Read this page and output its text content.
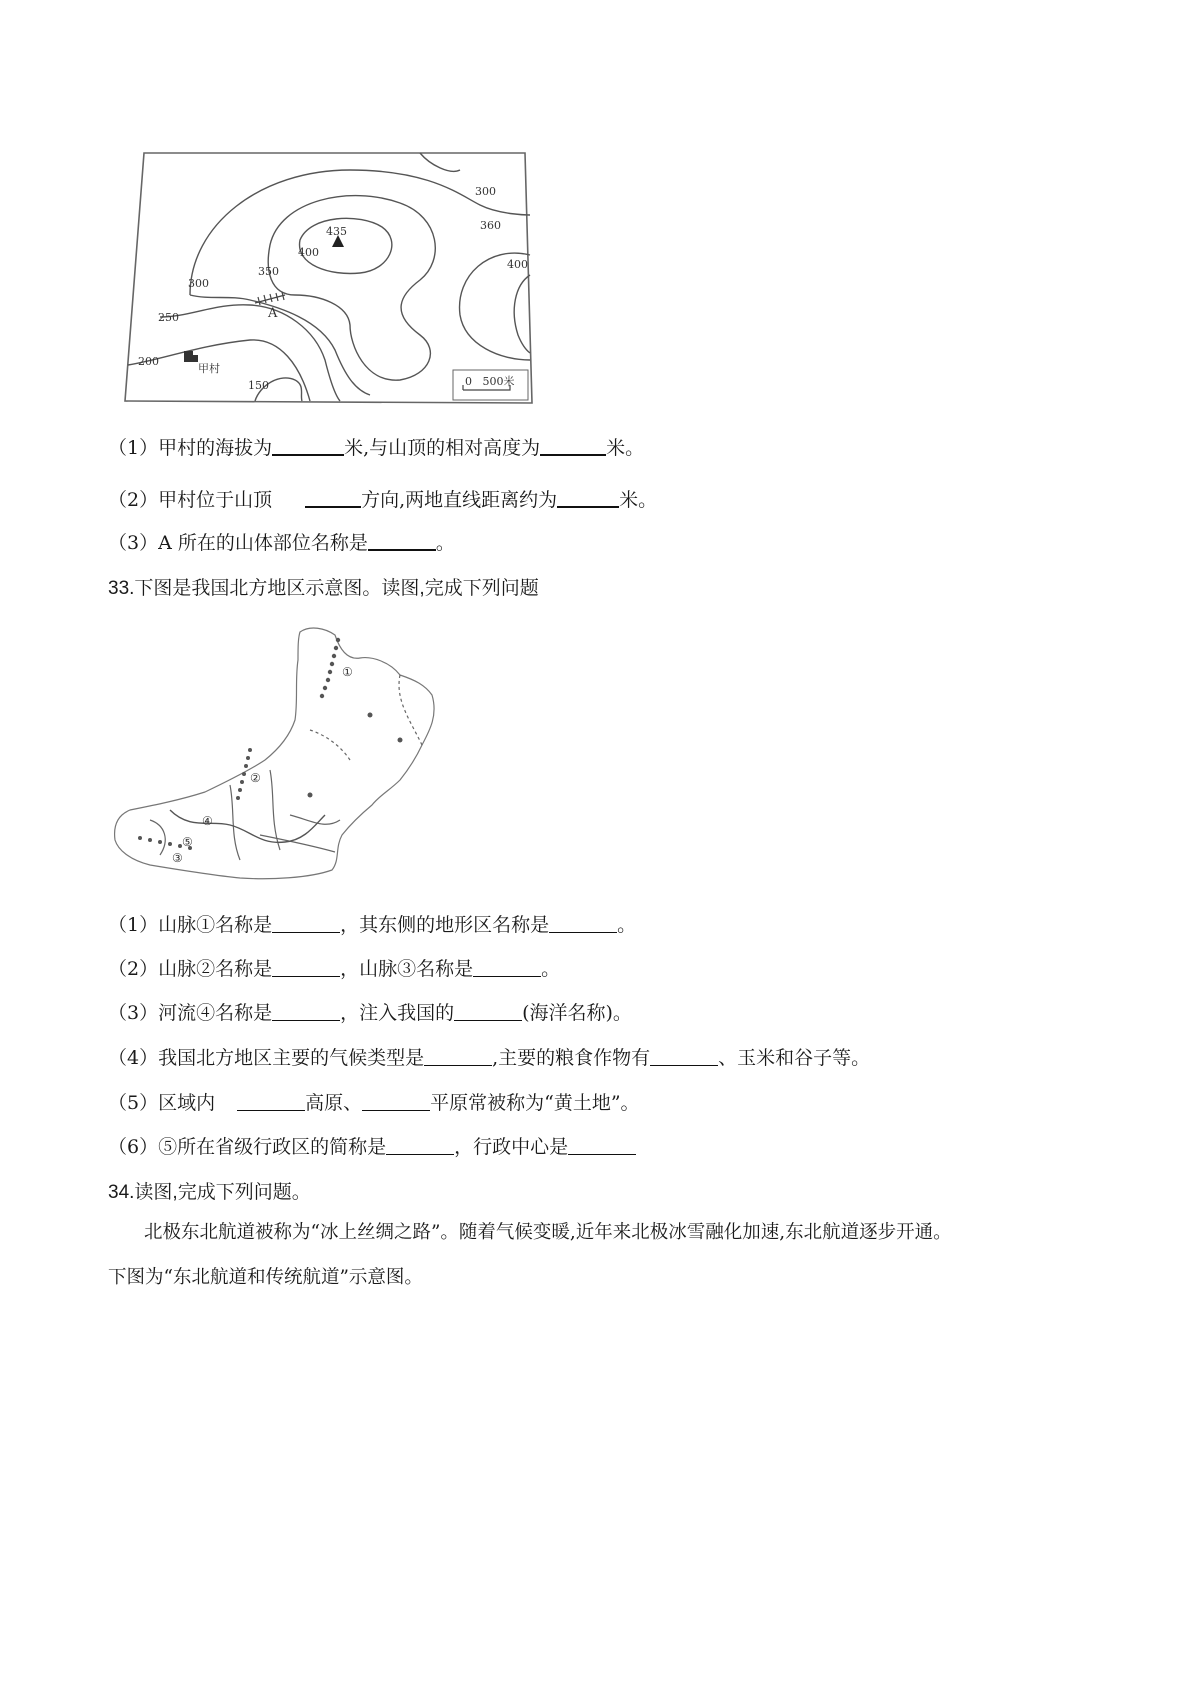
300
360
400
435
400
350
300
250	A
200
甲村
150	0   500米
（1）甲村的海拔为	米,与山顶的相对高度为	米。
（2）甲村位于山顶	方向,两地直线距离约为	米。
（3）A 所在的山体部位名称是	。
33.下图是我国北方地区示意图。读图,完成下列问题
①
②
③
④
⑤
（1）山脉①名称是	，其东侧的地形区名称是	。
（2）山脉②名称是	，山脉③名称是	。
（3）河流④名称是	，注入我国的	(海洋名称)。
（4）我国北方地区主要的气候类型是	,主要的粮食作物有	、玉米和谷子等。
（5）区域内	高原、	平原常被称为“黄土地”。
（6）⑤所在省级行政区的简称是	，行政中心是
34.读图,完成下列问题。
北极东北航道被称为“冰上丝绸之路”。随着气候变暖,近年来北极冰雪融化加速,东北航道逐步开通。
下图为“东北航道和传统航道”示意图。
